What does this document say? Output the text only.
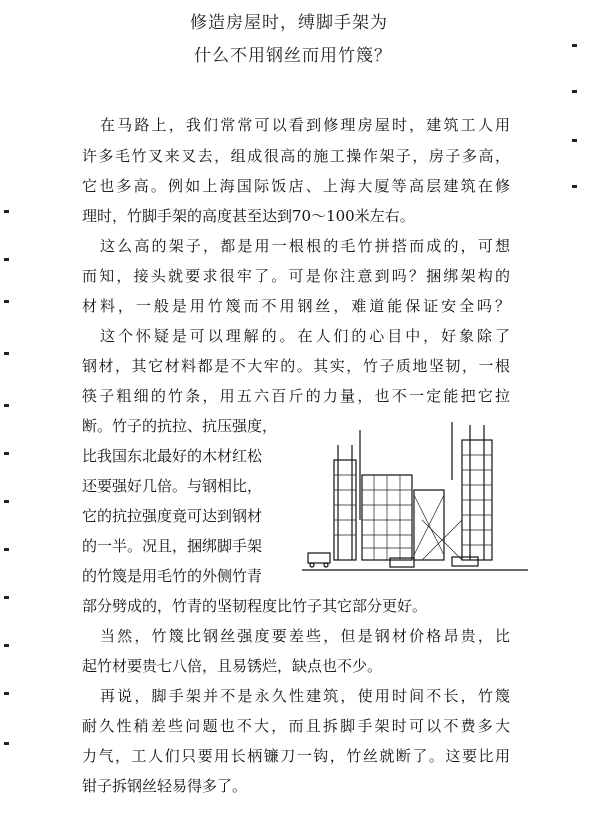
修造房屋时，缚脚手架为
什么不用钢丝而用竹篾？
在马路上，我们常常可以看到修理房屋时，建筑工人用
许多毛竹叉来叉去，组成很高的施工操作架子，房子多高，
它也多高。例如上海国际饭店、上海大厦等高层建筑在修
理时，竹脚手架的高度甚至达到70～100米左右。
这么高的架子，都是用一根根的毛竹拼搭而成的，可想
而知，接头就要求很牢了。可是你注意到吗？捆绑架构的
材料，一般是用竹篾而不用钢丝，难道能保证安全吗？
这个怀疑是可以理解的。在人们的心目中，好象除了
钢材，其它材料都是不大牢的。其实，竹子质地坚韧，一根
筷子粗细的竹条，用五六百斤的力量，也不一定能把它拉
断。竹子的抗拉、抗压强度，
比我国东北最好的木材红松
还要强好几倍。与钢相比，
它的抗拉强度竟可达到钢材
的一半。况且，捆绑脚手架
的竹篾是用毛竹的外侧竹青
部分劈成的，竹青的坚韧程度比竹子其它部分更好。
当然，竹篾比钢丝强度要差些，但是钢材价格昂贵，比
起竹材要贵七八倍，且易锈烂，缺点也不少。
再说，脚手架并不是永久性建筑，使用时间不长，竹篾
耐久性稍差些问题也不大，而且拆脚手架时可以不费多大
力气，工人们只要用长柄镰刀一钩，竹丝就断了。这要比用
钳子拆钢丝轻易得多了。
